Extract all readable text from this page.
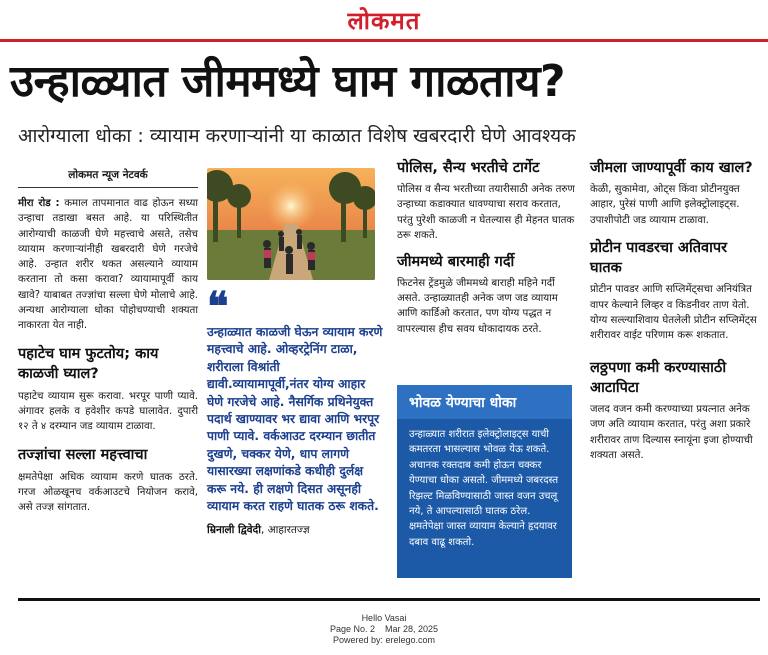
लोकमत
उन्हाळ्यात जीममध्ये घाम गाळताय?
आरोग्याला धोका : व्यायाम करणाऱ्यांनी या काळात विशेष खबरदारी घेणे आवश्यक
लोकमत न्यूज नेटवर्क

मीरा रोड : कमाल तापमानात वाढ होऊन सध्या उन्हाचा तडाखा बसत आहे. या परिस्थितीत आरोग्याची काळजी घेणे महत्त्वाचे असते, तसेच व्यायाम करणाऱ्यांनीही खबरदारी घेणे गरजेचे आहे. उन्हात शरीर थकत असल्याने व्यायाम करताना तो कसा करावा? व्यायामापूर्वी काय खावे? याबाबत तज्ज्ञांचा सल्ला घेणे मोलाचे आहे. अन्यथा आरोग्याला धोका पोहोचण्याची शक्यता नाकारता येत नाही.

पहाटेच घाम फुटतोय; काय काळजी घ्याल?

पहाटेच व्यायाम सुरू करावा. भरपूर पाणी प्यावे. अंगावर हलके व हवेशीर कपडे घालावेत. दुपारी १२ ते ४ दरम्यान जड व्यायाम टाळावा.

तज्ज्ञांचा सल्ला महत्त्वाचा

क्षमतेपेक्षा अधिक व्यायाम करणे घातक ठरते. गरज ओळखूनच वर्कआउटचे नियोजन करावे, असे तज्ज्ञ सांगतात.

❝

उन्हाळ्यात काळजी घेऊन व्यायाम करणे महत्त्वाचे आहे. ओव्हरट्रेनिंग टाळा, शरीराला विश्रांती द्यावी.व्यायामापूर्वी,नंतर योग्य आहार घेणे गरजेचे आहे. नैसर्गिक प्रथिनेयुक्त पदार्थ खाण्यावर भर द्यावा आणि भरपूर पाणी प्यावे. वर्कआउट दरम्यान छातीत दुखणे, चक्कर येणे, धाप लागणे यासारख्या लक्षणांकडे कधीही दुर्लक्ष करू नये. ही लक्षणे दिसत असूनही व्यायाम करत राहणे घातक ठरू शकते.

म्रिनाली द्विवेदी, आहारतज्ज्ञ

पोलिस, सैन्य भरतीचे टार्गेट

पोलिस व सैन्य भरतीच्या तयारीसाठी अनेक तरुण उन्हाच्या कडाक्यात धावण्याचा सराव करतात, परंतु पुरेशी काळजी न घेतल्यास ही मेहनत घातक ठरू शकते.

जीममध्ये बारमाही गर्दी

फिटनेस ट्रेंडमुळे जीममध्ये बाराही महिने गर्दी असते. उन्हाळ्यातही अनेक जण जड व्यायाम आणि कार्डिओ करतात, पण योग्य पद्धत न वापरल्यास हीच सवय धोकादायक ठरते.

भोवळ येण्याचा धोका

उन्हाळ्यात शरीरात इलेक्ट्रोलाइट्स याची कमतरता भासल्यास भोवळ येऊ शकते. अचानक रक्तदाब कमी होऊन चक्कर येण्याचा धोका असतो. जीममध्ये जबरदस्त रिझल्ट मिळविण्यासाठी जास्त वजन उचलू नये, ते आपल्यासाठी घातक ठरेल. क्षमतेपेक्षा जास्त व्यायाम केल्याने हृदयावर दबाव वाढू शकतो.

जीमला जाण्यापूर्वी काय खाल?

केळी, सुकामेवा, ओट्स किंवा प्रोटीनयुक्त आहार, पुरेसं पाणी आणि इलेक्ट्रोलाइट्स. उपाशीपोटी जड व्यायाम टाळावा.

प्रोटीन पावडरचा अतिवापर घातक

प्रोटीन पावडर आणि सप्लिमेंट्सचा अनियंत्रित वापर केल्याने लिव्हर व किडनीवर ताण येतो. योग्य सल्ल्याशिवाय घेतलेली प्रोटीन सप्लिमेंट्स शरीरावर वाईट परिणाम करू शकतात.

लठ्ठपणा कमी करण्यासाठी आटापिटा

जलद वजन कमी करण्याच्या प्रयत्नात अनेक जण अति व्यायाम करतात, परंतु अशा प्रकारे शरीरावर ताण दिल्यास स्नायूंना इजा होण्याची शक्यता असते.

Hello Vasai
Page No. 2    Mar 28, 2025
Powered by: erelego.com
